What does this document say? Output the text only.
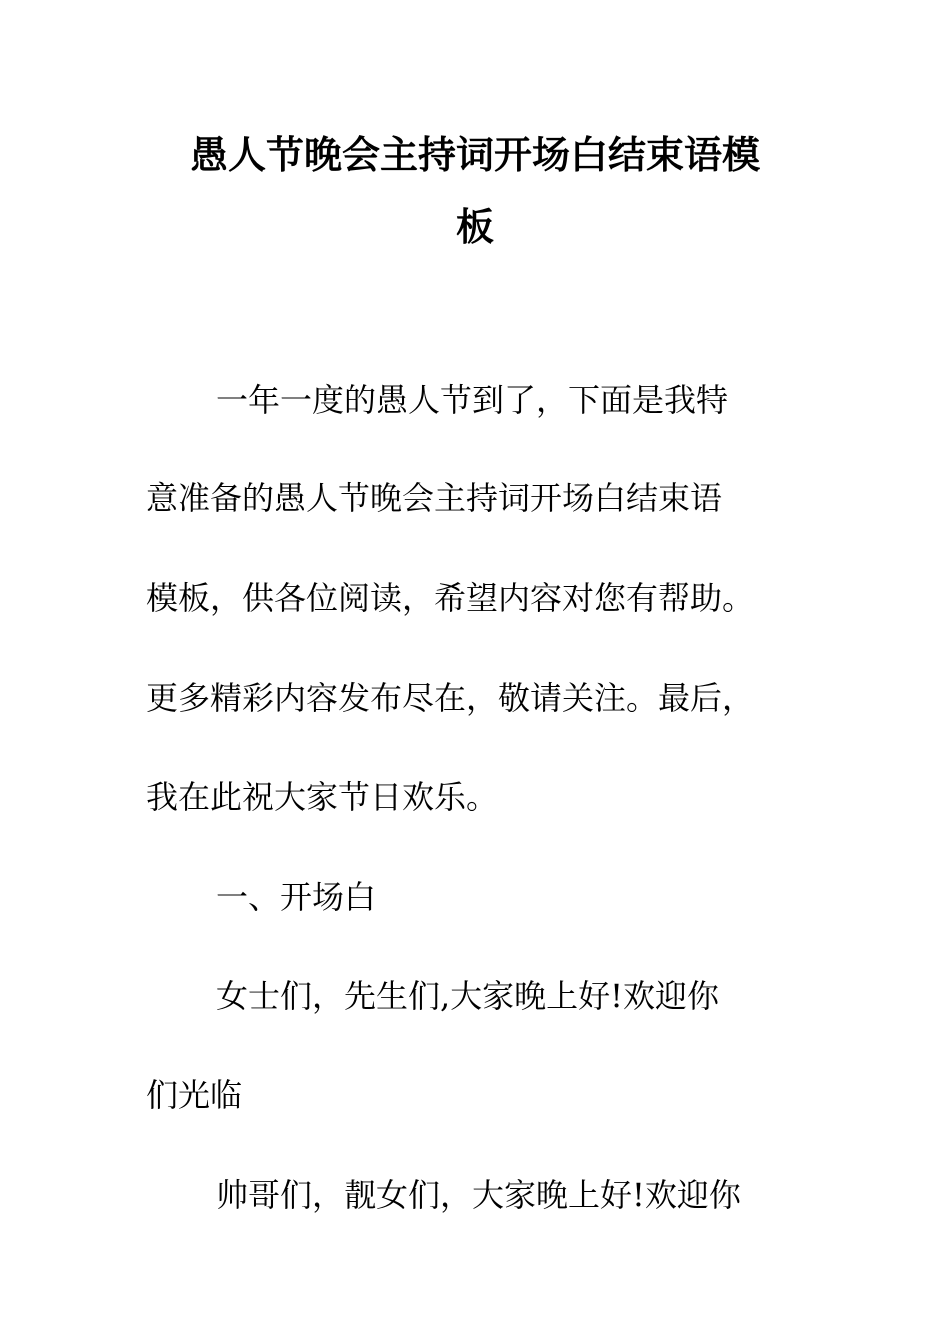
愚人节晚会主持词开场白结束语模
板
一年一度的愚人节到了，下面是我特
意准备的愚人节晚会主持词开场白结束语
模板，供各位阅读，希望内容对您有帮助。
更多精彩内容发布尽在，敬请关注。最后，
我在此祝大家节日欢乐。
一、开场白
女士们，先生们,大家晚上好!欢迎你
们光临
帅哥们，靓女们，大家晚上好!欢迎你
